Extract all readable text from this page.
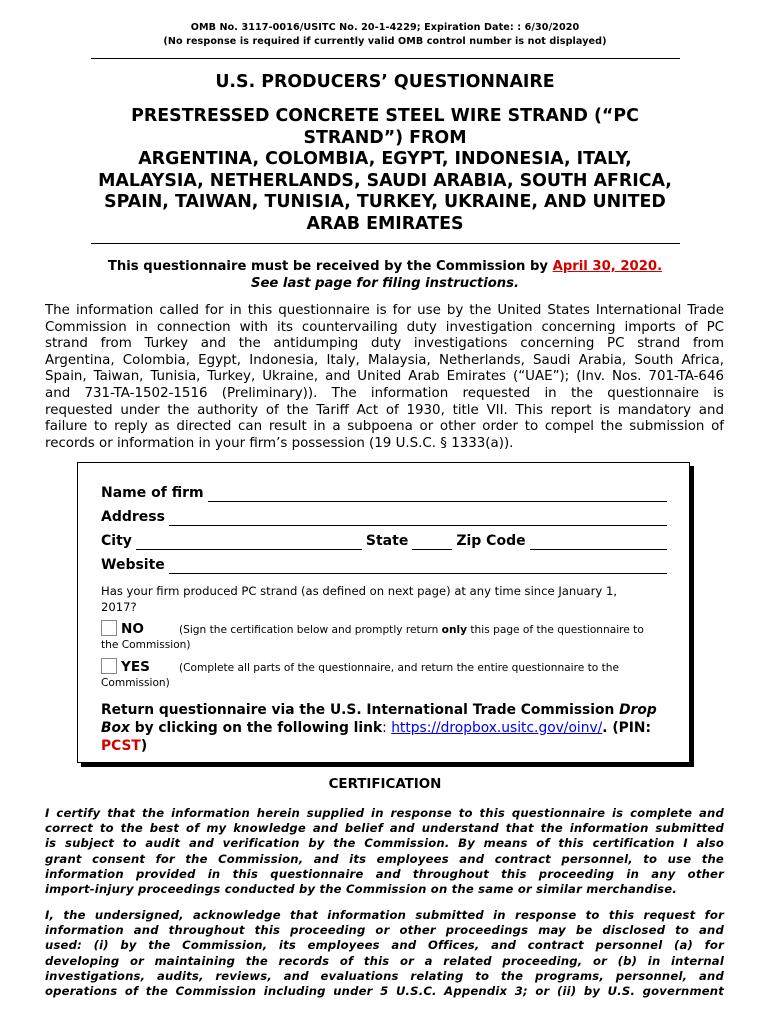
OMB No. 3117-0016/USITC No. 20-1-4229; Expiration Date: : 6/30/2020
(No response is required if currently valid OMB control number is not displayed)
U.S. PRODUCERS’ QUESTIONNAIRE
PRESTRESSED CONCRETE STEEL WIRE STRAND (“PC
STRAND”) FROM
ARGENTINA, COLOMBIA, EGYPT, INDONESIA, ITALY,
MALAYSIA, NETHERLANDS, SAUDI ARABIA, SOUTH AFRICA,
SPAIN, TAIWAN, TUNISIA, TURKEY, UKRAINE, AND UNITED
ARAB EMIRATES
This questionnaire must be received by the Commission by April 30, 2020.
See last page for filing instructions.
The information called for in this questionnaire is for use by the United States International Trade
Commission in connection with its countervailing duty investigation concerning imports of PC
strand from Turkey and the antidumping duty investigations concerning PC strand from
Argentina, Colombia, Egypt, Indonesia, Italy, Malaysia, Netherlands, Saudi Arabia, South Africa,
Spain, Taiwan, Tunisia, Turkey, Ukraine, and United Arab Emirates (“UAE”); (Inv. Nos. 701-TA-646
and 731-TA-1502-1516 (Preliminary)). The information requested in the questionnaire is
requested under the authority of the Tariff Act of 1930, title VII. This report is mandatory and
failure to reply as directed can result in a subpoena or other order to compel the submission of
records or information in your firm’s possession (19 U.S.C. § 1333(a)).
Name of firm
Address
City	State	Zip Code
Website
Has your firm produced PC strand (as defined on next page) at any time since January 1,
2017?
NO	(Sign the certification below and promptly return only this page of the questionnaire to
the Commission)
YES	(Complete all parts of the questionnaire, and return the entire questionnaire to the
Commission)
Return questionnaire via the U.S. International Trade Commission Drop
Box by clicking on the following link: https://dropbox.usitc.gov/oinv/. (PIN:
PCST)
CERTIFICATION
I certify that the information herein supplied in response to this questionnaire is complete and
correct to the best of my knowledge and belief and understand that the information submitted
is subject to audit and verification by the Commission. By means of this certification I also
grant consent for the Commission, and its employees and contract personnel, to use the
information provided in this questionnaire and throughout this proceeding in any other
import-injury proceedings conducted by the Commission on the same or similar merchandise.
I, the undersigned, acknowledge that information submitted in response to this request for
information and throughout this proceeding or other proceedings may be disclosed to and
used: (i) by the Commission, its employees and Offices, and contract personnel (a) for
developing or maintaining the records of this or a related proceeding, or (b) in internal
investigations, audits, reviews, and evaluations relating to the programs, personnel, and
operations of the Commission including under 5 U.S.C. Appendix 3; or (ii) by U.S. government
